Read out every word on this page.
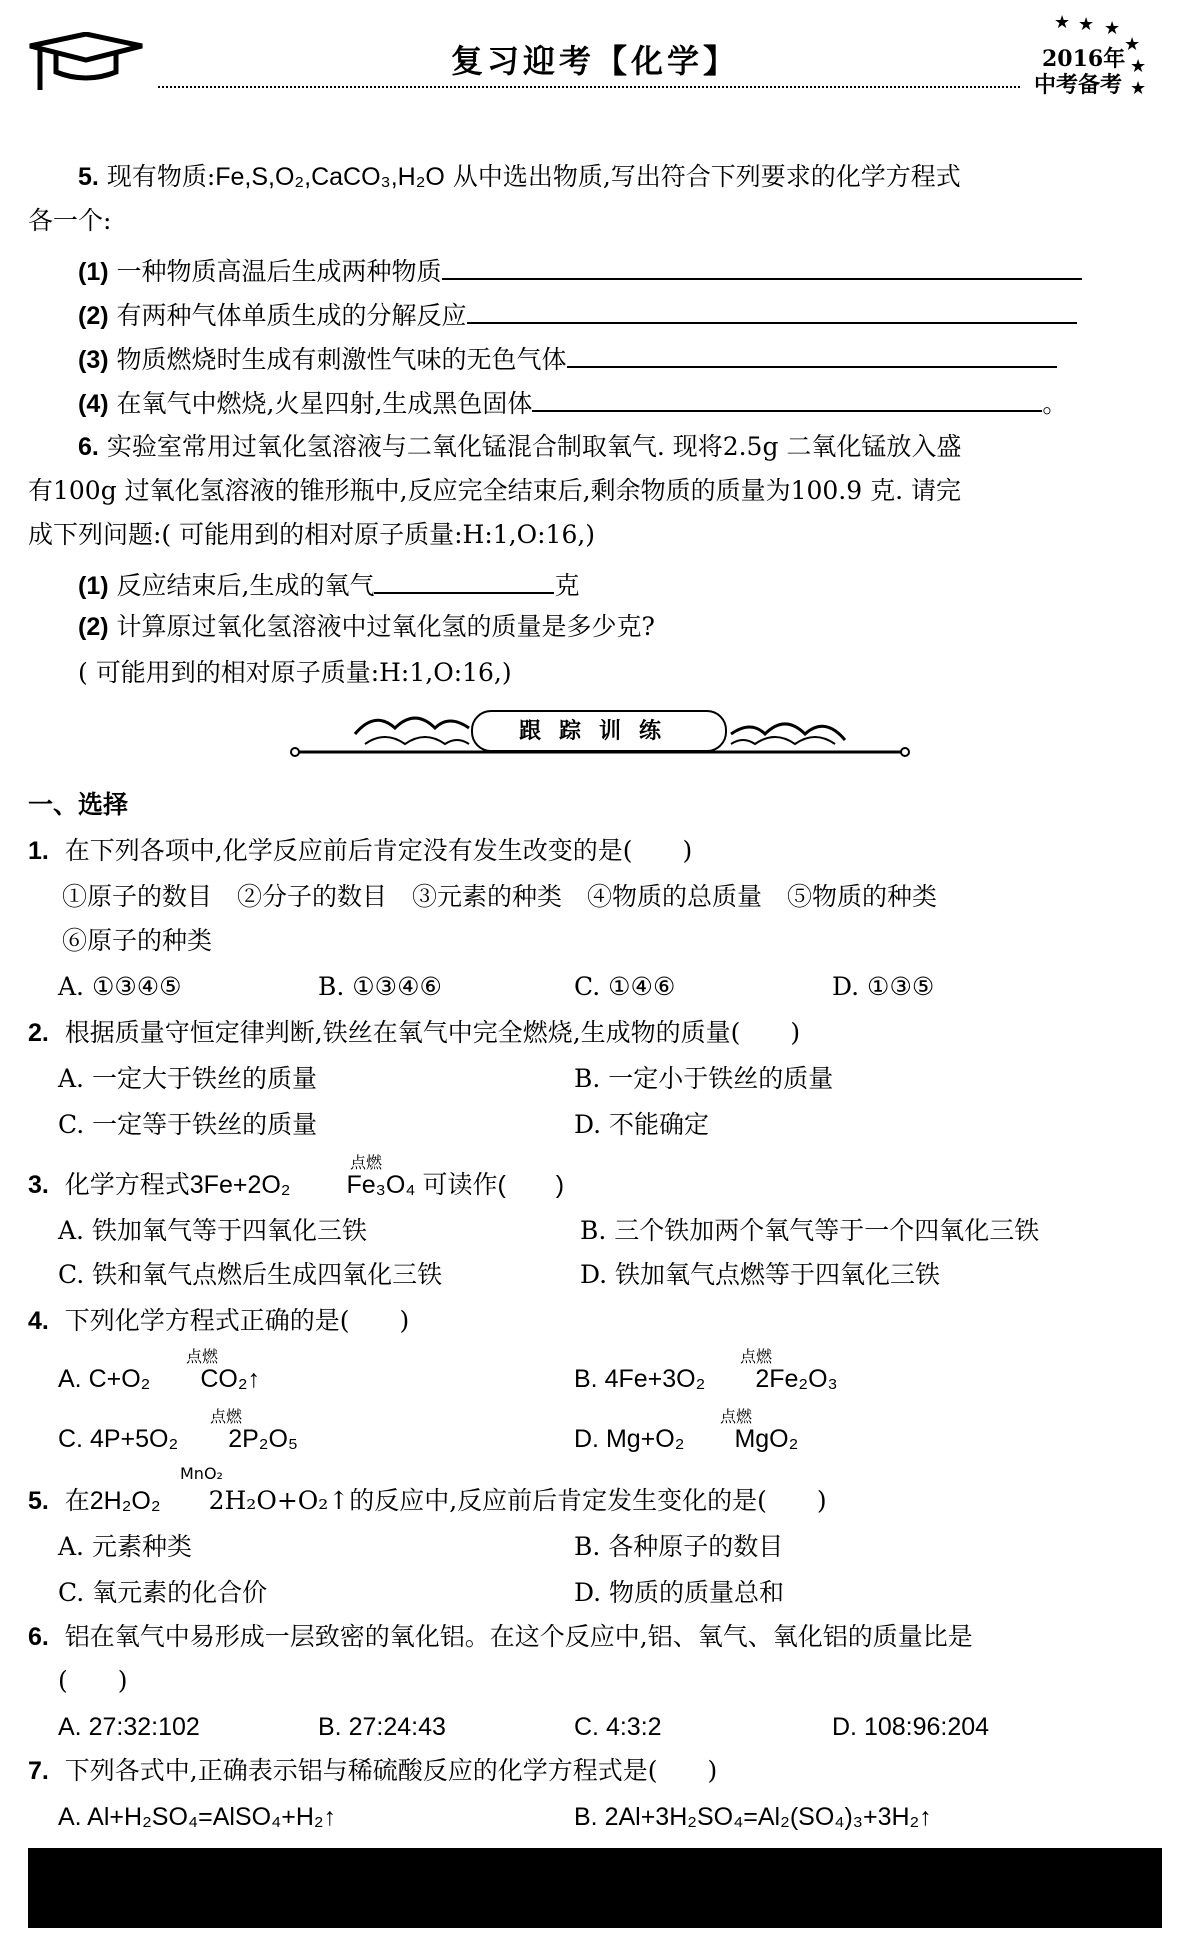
复习迎考【化学】
★ ★ ★
★
★
★
2016年
中考备考
5. 现有物质:Fe,S,O₂,CaCO₃,H₂O 从中选出物质,写出符合下列要求的化学方程式
各一个:
(1) 一种物质高温后生成两种物质
(2) 有两种气体单质生成的分解反应
(3) 物质燃烧时生成有刺激性气味的无色气体
(4) 在氧气中燃烧,火星四射,生成黑色固体	。
6. 实验室常用过氧化氢溶液与二氧化锰混合制取氧气. 现将2.5g 二氧化锰放入盛
有100g 过氧化氢溶液的锥形瓶中,反应完全结束后,剩余物质的质量为100.9 克. 请完
成下列问题:( 可能用到的相对原子质量:H:1,O:16,)
(1) 反应结束后,生成的氧气	克
(2) 计算原过氧化氢溶液中过氧化氢的质量是多少克?
( 可能用到的相对原子质量:H:1,O:16,)
跟踪训练
一、选择
1. 在下列各项中,化学反应前后肯定没有发生改变的是(　　)
①原子的数目　②分子的数目　③元素的种类　④物质的总质量　⑤物质的种类
⑥原子的种类
A. ①③④⑤	B. ①③④⑥	C. ①④⑥	D. ①③⑤
2. 根据质量守恒定律判断,铁丝在氧气中完全燃烧,生成物的质量(　　)
A. 一定大于铁丝的质量	B. 一定小于铁丝的质量
C. 一定等于铁丝的质量	D. 不能确定
点燃
3. 化学方程式3Fe+2O₂ Fe₃O₄ 可读作(　　)
A. 铁加氧气等于四氧化三铁	B. 三个铁加两个氧气等于一个四氧化三铁
C. 铁和氧气点燃后生成四氧化三铁	D. 铁加氧气点燃等于四氧化三铁
4. 下列化学方程式正确的是(　　)
点燃
A. C+O₂ CO₂↑
点燃
B. 4Fe+3O₂ 2Fe₂O₃
点燃
C. 4P+5O₂ 2P₂O₅
点燃
D. Mg+O₂ MgO₂
MnO₂
5. 在2H₂O₂ 2H₂O+O₂↑的反应中,反应前后肯定发生变化的是(　　)
A. 元素种类	B. 各种原子的数目
C. 氧元素的化合价	D. 物质的质量总和
6. 铝在氧气中易形成一层致密的氧化铝。在这个反应中,铝、氧气、氧化铝的质量比是
(　　)
A. 27:32:102	B. 27:24:43	C. 4:3:2	D. 108:96:204
7. 下列各式中,正确表示铝与稀硫酸反应的化学方程式是(　　)
A. Al+H₂SO₄=AlSO₄+H₂↑	B. 2Al+3H₂SO₄=Al₂(SO₄)₃+3H₂↑
